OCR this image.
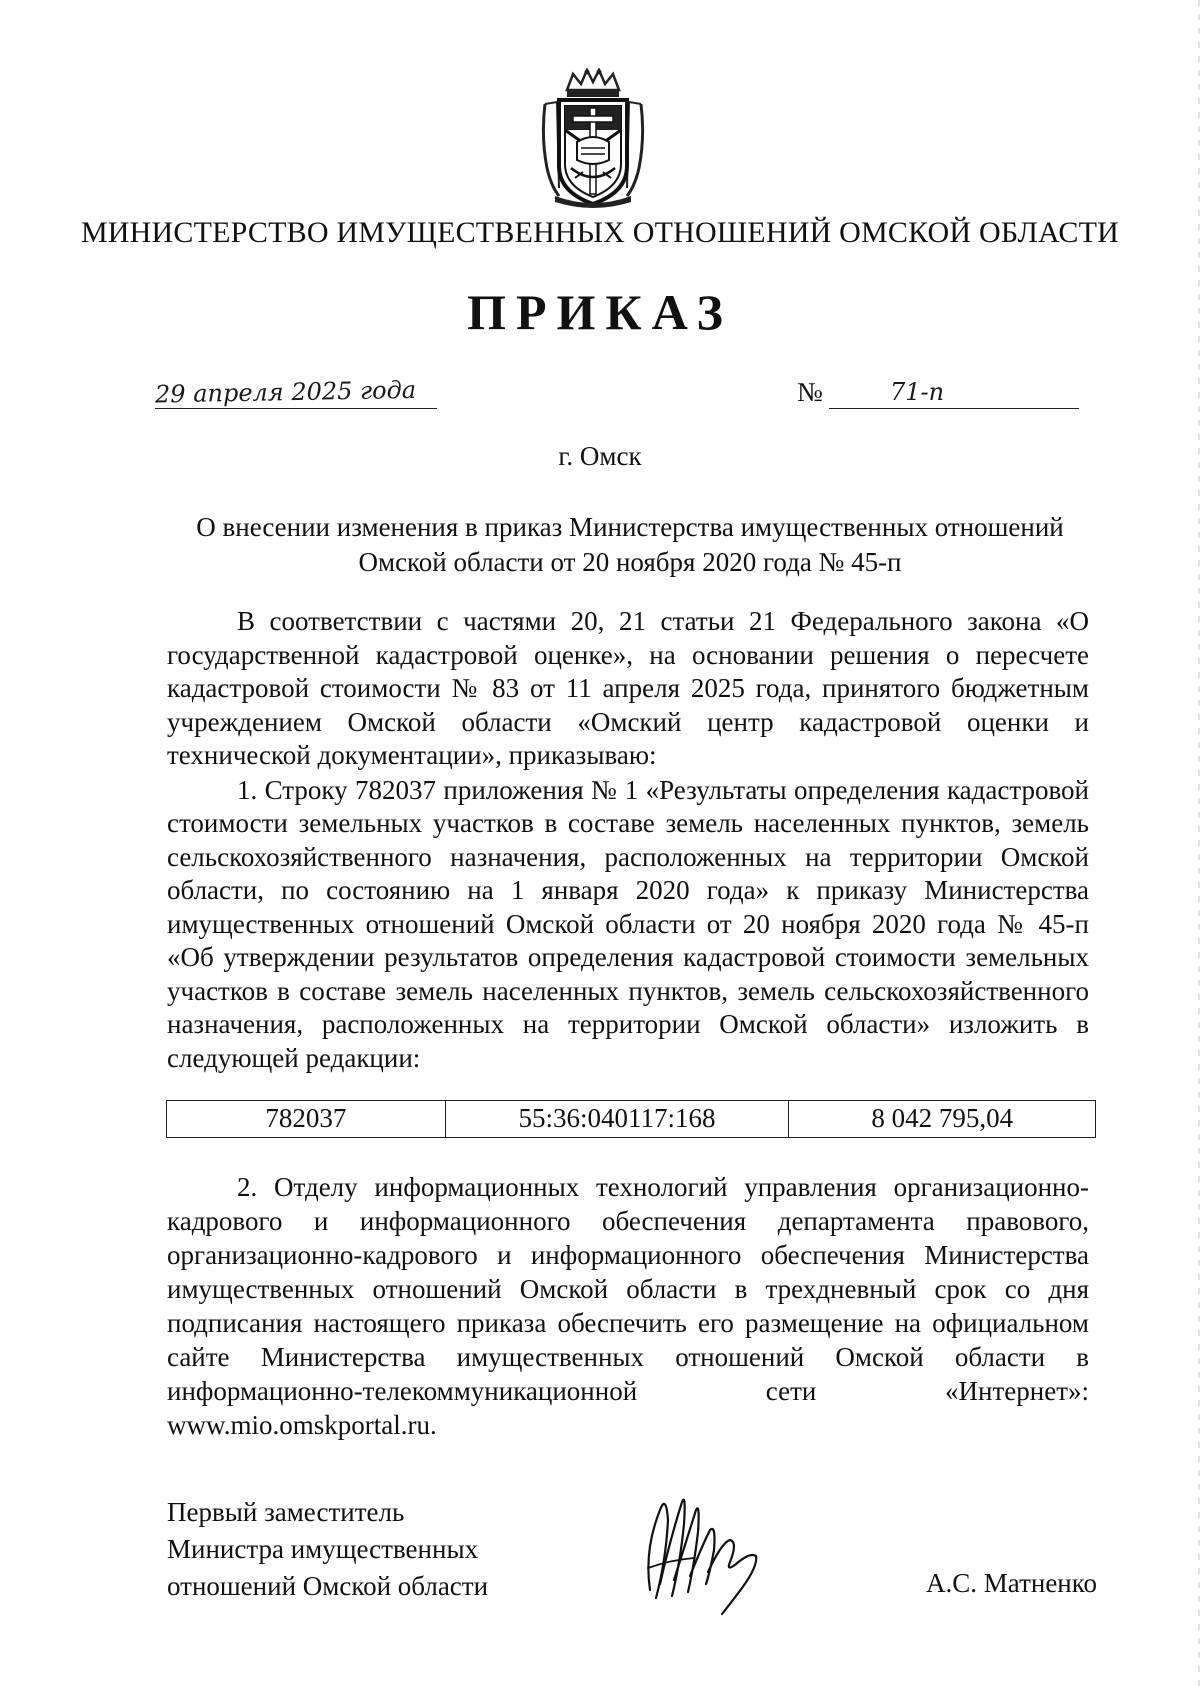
МИНИСТЕРСТВО ИМУЩЕСТВЕННЫХ ОТНОШЕНИЙ ОМСКОЙ ОБЛАСТИ
ПРИКАЗ
29 апреля 2025 года	№	71-п
г. Омск
О внесении изменения в приказ Министерства имущественных отношений Омской области от 20 ноября 2020 года № 45-п

В соответствии с частями 20, 21 статьи 21 Федерального закона «О государственной кадастровой оценке», на основании решения о пересчете кадастровой стоимости № 83 от 11 апреля 2025 года, принятого бюджетным учреждением Омской области «Омский центр кадастровой оценки и технической документации», приказываю:

1. Строку 782037 приложения № 1 «Результаты определения кадастровой стоимости земельных участков в составе земель населенных пунктов, земель сельскохозяйственного назначения, расположенных на территории Омской области, по состоянию на 1 января 2020 года» к приказу Министерства имущественных отношений Омской области от 20 ноября 2020 года № 45-п «Об утверждении результатов определения кадастровой стоимости земельных участков в составе земель населенных пунктов, земель сельскохозяйственного назначения, расположенных на территории Омской области» изложить в следующей редакции:

782037	55:36:040117:168	8 042 795,04

2. Отделу информационных технологий управления организационно-кадрового и информационного обеспечения департамента правового, организационно-кадрового и информационного обеспечения Министерства имущественных отношений Омской области в трехдневный срок со дня подписания настоящего приказа обеспечить его размещение на официальном сайте Министерства имущественных отношений Омской области в информационно-телекоммуникационной сети «Интернет»: www.mio.omskportal.ru.

Первый заместитель
Министра имущественных
отношений Омской области	А.С. Матненко
